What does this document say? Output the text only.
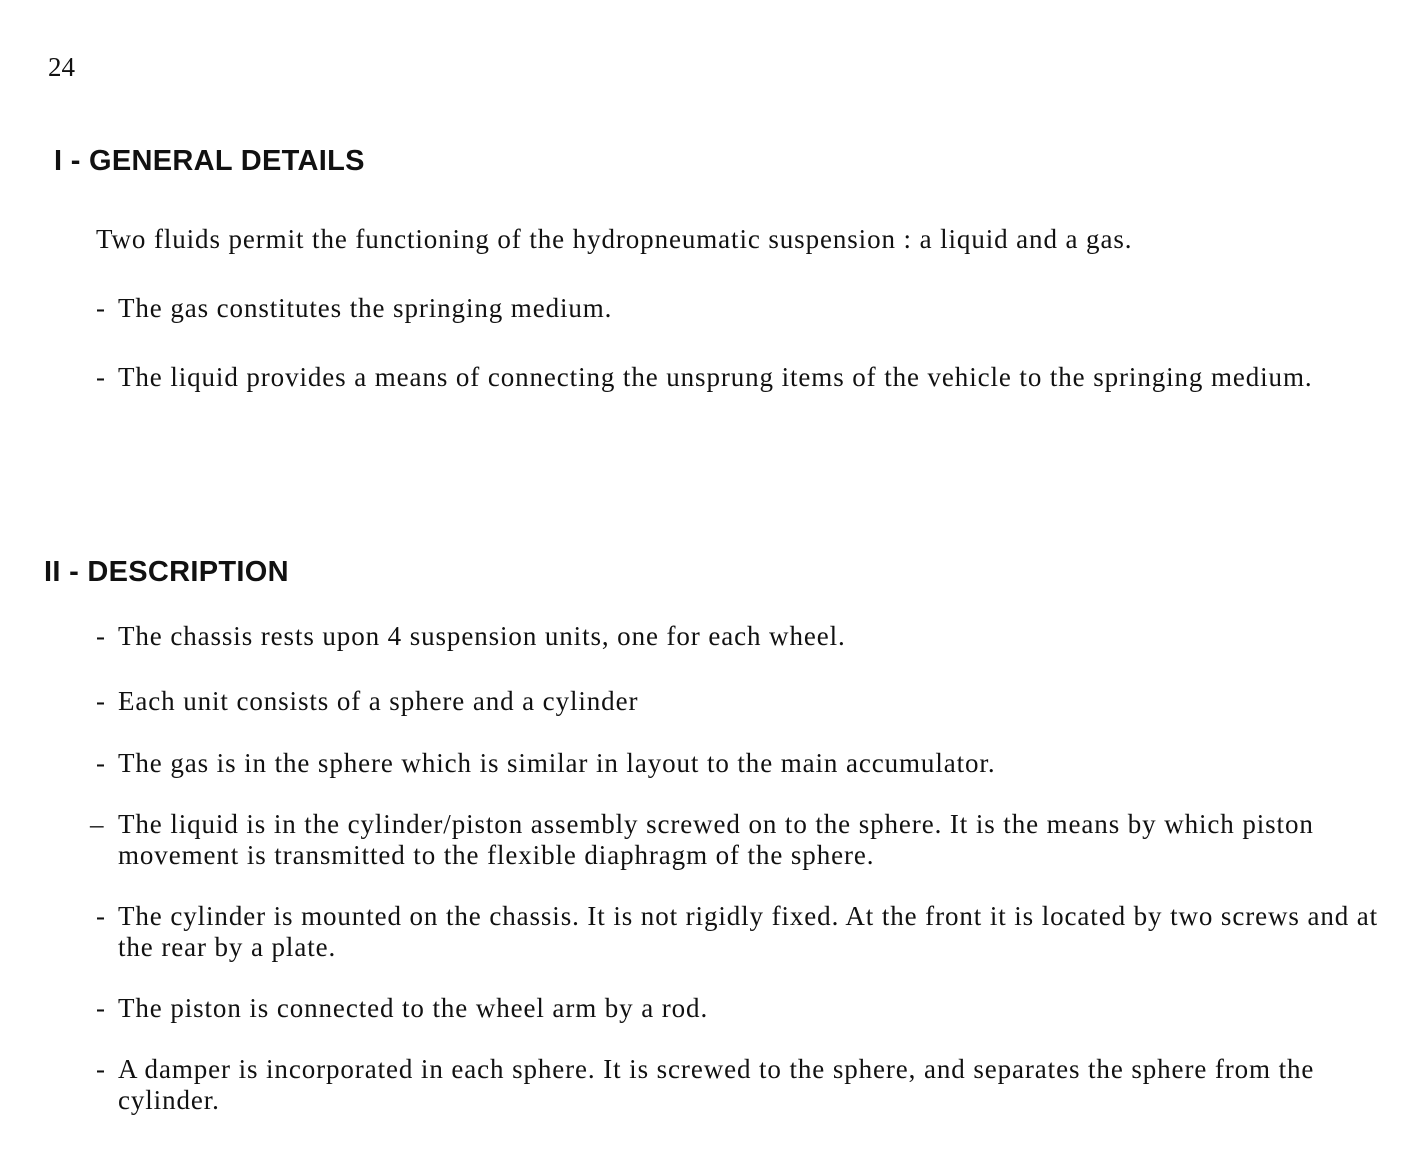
24
I - GENERAL DETAILS

Two fluids permit the functioning of the hydropneumatic suspension : a liquid and a gas.

- The gas constitutes the springing medium.
- The liquid provides a means of connecting the unsprung items of the vehicle to the springing medium.
II - DESCRIPTION
- The chassis rests upon 4 suspension units, one for each wheel.
- Each unit consists of a sphere and a cylinder
- The gas is in the sphere which is similar in layout to the main accumulator.
– The liquid is in the cylinder/piston assembly screwed on to the sphere. It is the means by which piston movement is transmitted to the flexible diaphragm of the sphere.
- The cylinder is mounted on the chassis. It is not rigidly fixed. At the front it is located by two screws and at the rear by a plate.
- The piston is connected to the wheel arm by a rod.
- A damper is incorporated in each sphere. It is screwed to the sphere, and separates the sphere from the cylinder.
